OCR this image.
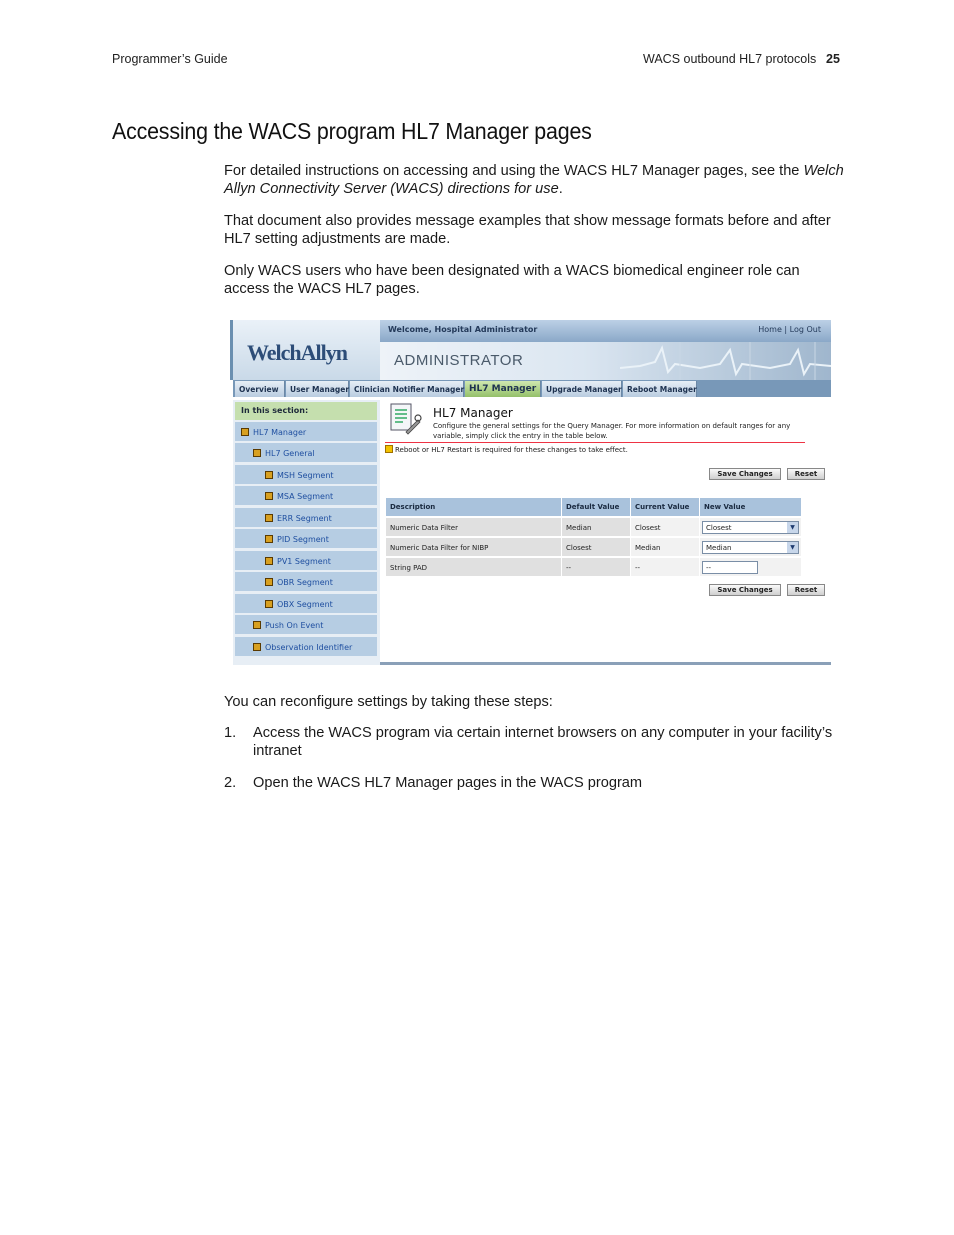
Programmer’s Guide	WACS outbound HL7 protocols 25
Accessing the WACS program HL7 Manager pages
For detailed instructions on accessing and using the WACS HL7 Manager pages, see the Welch Allyn Connectivity Server (WACS) directions for use.
That document also provides message examples that show message formats before and after HL7 setting adjustments are made.
Only WACS users who have been designated with a WACS biomedical engineer role can access the WACS HL7 pages.
WelchAllyn
Welcome, Hospital Administrator	Home | Log Out
ADMINISTRATOR
Overview	User Manager Clinician Notifier Manager HL7 Manager	Upgrade Manager Reboot Manager
In this section:
HL7 Manager
HL7 General
MSH Segment
MSA Segment
ERR Segment
PID Segment
PV1 Segment
OBR Segment
OBX Segment
Push On Event
Observation Identifier
HL7 Manager
Configure the general settings for the Query Manager. For more information on default ranges for any variable, simply click the entry in the table below.
Reboot or HL7 Restart is required for these changes to take effect.
Save Changes	Reset
Description	Default Value	Current Value	New Value
Numeric Data Filter	Median	Closest	Closest	▼
Numeric Data Filter for NIBP	Closest	Median	Median	▼
String PAD	--	--	--
Save Changes	Reset
You can reconfigure settings by taking these steps:
1. Access the WACS program via certain internet browsers on any computer in your facility’s intranet
2. Open the WACS HL7 Manager pages in the WACS program
